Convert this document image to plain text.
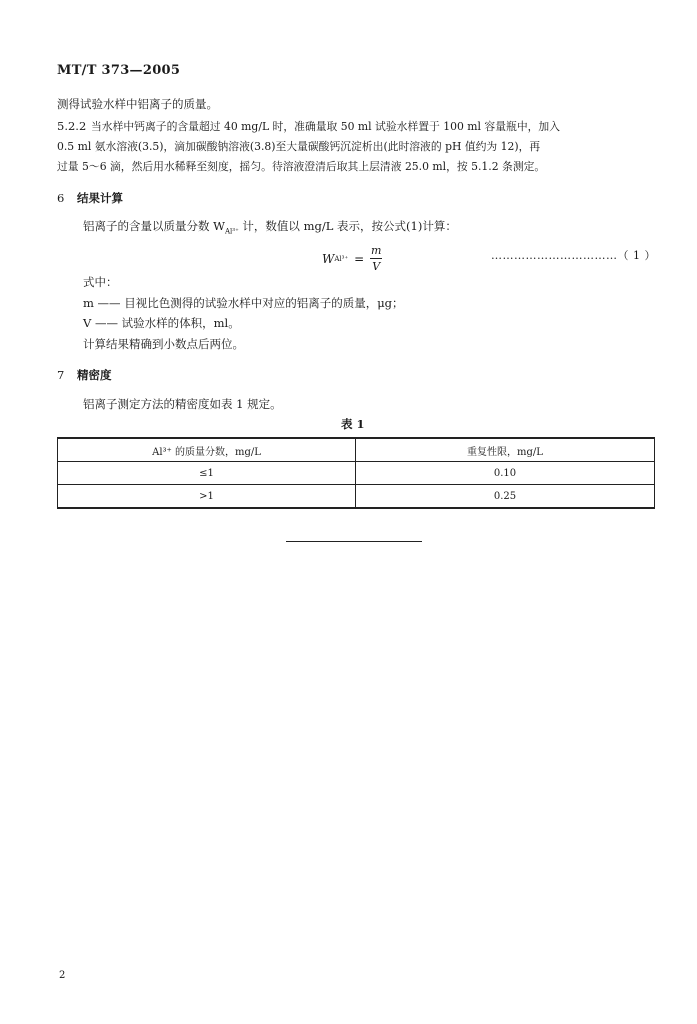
MT/T 373—2005
测得试验水样中铝离子的质量。
5.2.2 当水样中钙离子的含量超过 40 mg/L 时，准确量取 50 ml 试验水样置于 100 ml 容量瓶中，加入
0.5 ml 氨水溶液(3.5)，滴加碳酸钠溶液(3.8)至大量碳酸钙沉淀析出(此时溶液的 pH 值约为 12)，再
过量 5～6 滴，然后用水稀释至刻度，摇匀。待溶液澄清后取其上层清液 25.0 ml，按 5.1.2 条测定。
6 结果计算
铝离子的含量以质量分数 $W_{Al^{3+}}$ 计，数值以 mg/L 表示，按公式(1)计算：
W $Al^{3+} = \frac{m}{V}$	……………………………（ 1 ）
式中：
m —— 目视比色测得的试验水样中对应的铝离子的质量，μg；
V —— 试验水样的体积，ml。
计算结果精确到小数点后两位。
7 精密度
铝离子测定方法的精密度如表 1 规定。
表 1
Al³⁺ 的质量分数，mg/L	重复性限，mg/L
≤1	0.10
>1	0.25
2
